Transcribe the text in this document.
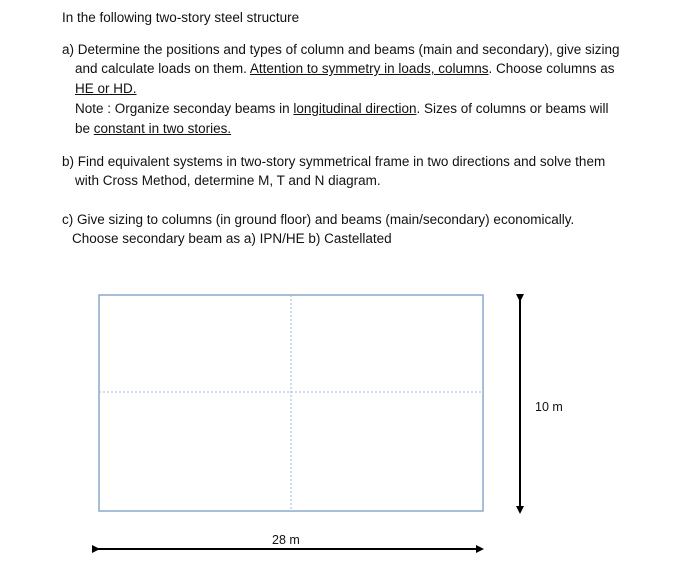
In the following two-story steel structure
a) Determine the positions and types of column and beams (main and secondary), give sizing
and calculate loads on them. Attention to symmetry in loads, columns. Choose columns as
HE or HD.
Note : Organize seconday beams in longitudinal direction. Sizes of columns or beams will
be constant in two stories.
b) Find equivalent systems in two-story symmetrical frame in two directions and solve them
with Cross Method, determine M, T and N diagram.
c) Give sizing to columns (in ground floor) and beams (main/secondary) economically.
Choose secondary beam as a) IPN/HE b) Castellated
10 m
28 m
